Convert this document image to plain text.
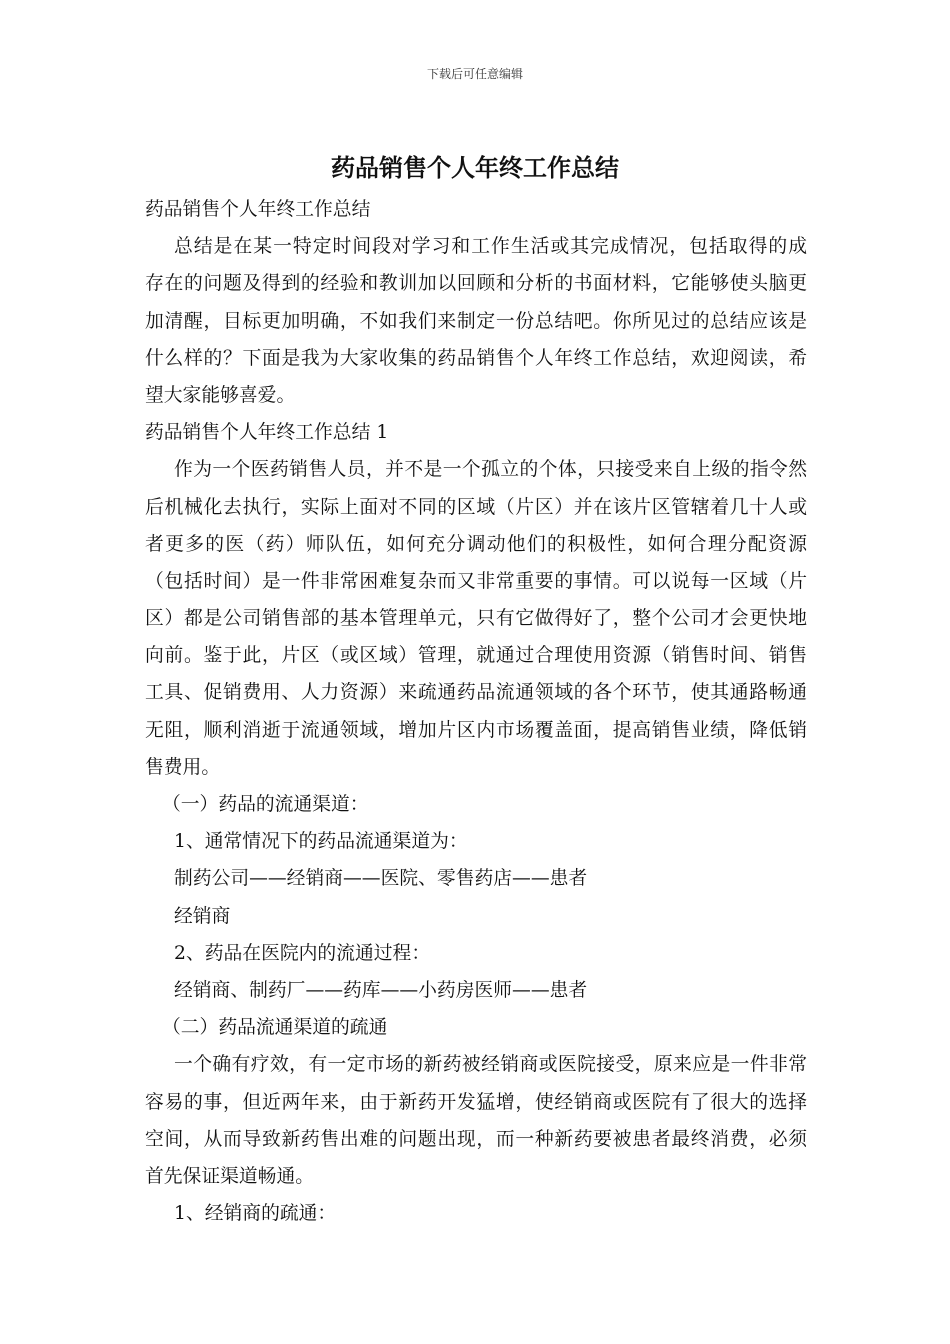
下载后可任意编辑
药品销售个人年终工作总结

药品销售个人年终工作总结

总结是在某一特定时间段对学习和工作生活或其完成情况，包括取得的成

存在的问题及得到的经验和教训加以回顾和分析的书面材料，它能够使头脑更

加清醒，目标更加明确，不如我们来制定一份总结吧。你所见过的总结应该是

什么样的？下面是我为大家收集的药品销售个人年终工作总结，欢迎阅读，希

望大家能够喜爱。

药品销售个人年终工作总结 1

作为一个医药销售人员，并不是一个孤立的个体，只接受来自上级的指令然

后机械化去执行，实际上面对不同的区域（片区）并在该片区管辖着几十人或

者更多的医（药）师队伍，如何充分调动他们的积极性，如何合理分配资源

（包括时间）是一件非常困难复杂而又非常重要的事情。可以说每一区域（片

区）都是公司销售部的基本管理单元，只有它做得好了，整个公司才会更快地

向前。鉴于此，片区（或区域）管理，就通过合理使用资源（销售时间、销售

工具、促销费用、人力资源）来疏通药品流通领域的各个环节，使其通路畅通

无阻，顺利消逝于流通领域，增加片区内市场覆盖面，提高销售业绩，降低销

售费用。

（一）药品的流通渠道：

1、通常情况下的药品流通渠道为：

制药公司——经销商——医院、零售药店——患者

经销商

2、药品在医院内的流通过程：

经销商、制药厂——药库——小药房医师——患者

（二）药品流通渠道的疏通

一个确有疗效，有一定市场的新药被经销商或医院接受，原来应是一件非常

容易的事，但近两年来，由于新药开发猛增，使经销商或医院有了很大的选择

空间，从而导致新药售出难的问题出现，而一种新药要被患者最终消费，必须

首先保证渠道畅通。

1、经销商的疏通：
